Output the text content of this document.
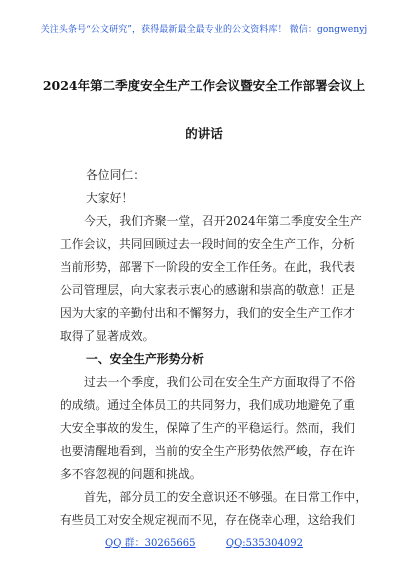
关注头条号“公文研究”，获得最新最全最专业的公文资料库！ 微信：gongwenyj
2024年第二季度安全生产工作会议暨安全工作部署会议上
的讲话
各位同仁：
大家好！
今天，我们齐聚一堂，召开2024年第二季度安全生产
工作会议，共同回顾过去一段时间的安全生产工作，分析
当前形势，部署下一阶段的安全工作任务。在此，我代表
公司管理层，向大家表示衷心的感谢和崇高的敬意！正是
因为大家的辛勤付出和不懈努力，我们的安全生产工作才
取得了显著成效。
一、安全生产形势分析
过去一个季度，我们公司在安全生产方面取得了不俗
的成绩。通过全体员工的共同努力，我们成功地避免了重
大安全事故的发生，保障了生产的平稳运行。然而，我们
也要清醒地看到，当前的安全生产形势依然严峻，存在许
多不容忽视的问题和挑战。
首先，部分员工的安全意识还不够强。在日常工作中，
有些员工对安全规定视而不见，存在侥幸心理，这给我们
QQ 群：30265665	QQ:535304092
